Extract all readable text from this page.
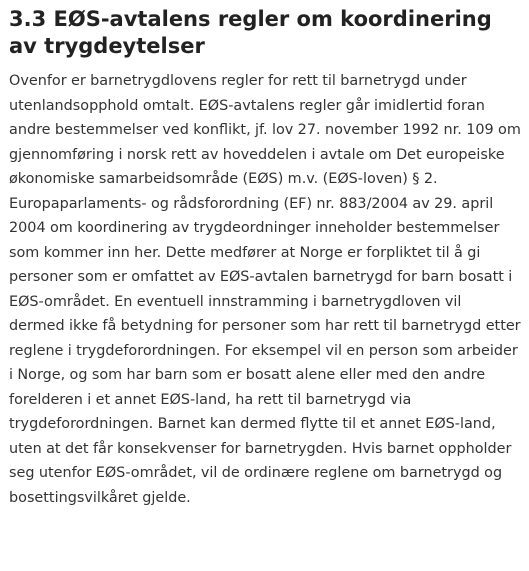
3.3 EØS-avtalens regler om koordinering av trygdeytelser

Ovenfor er barnetrygdlovens regler for rett til barnetrygd under utenlandsopphold omtalt. EØS-avtalens regler går imidlertid foran andre bestemmelser ved konflikt, jf. lov 27. november 1992 nr. 109 om gjennomføring i norsk rett av hoveddelen i avtale om Det europeiske økonomiske samarbeidsområde (EØS) m.v. (EØS-loven) § 2. Europaparlaments- og rådsforordning (EF) nr. 883/2004 av 29. april 2004 om koordinering av trygdeordninger inneholder bestemmelser som kommer inn her. Dette medfører at Norge er forpliktet til å gi personer som er omfattet av EØS-avtalen barnetrygd for barn bosatt i EØS-området. En eventuell innstramming i barnetrygdloven vil dermed ikke få betydning for personer som har rett til barnetrygd etter reglene i trygdeforordningen. For eksempel vil en person som arbeider i Norge, og som har barn som er bosatt alene eller med den andre forelderen i et annet EØS-land, ha rett til barnetrygd via trygdeforordningen. Barnet kan dermed flytte til et annet EØS-land, uten at det får konsekvenser for barnetrygden. Hvis barnet oppholder seg utenfor EØS-området, vil de ordinære reglene om barnetrygd og bosettingsvilkåret gjelde.
